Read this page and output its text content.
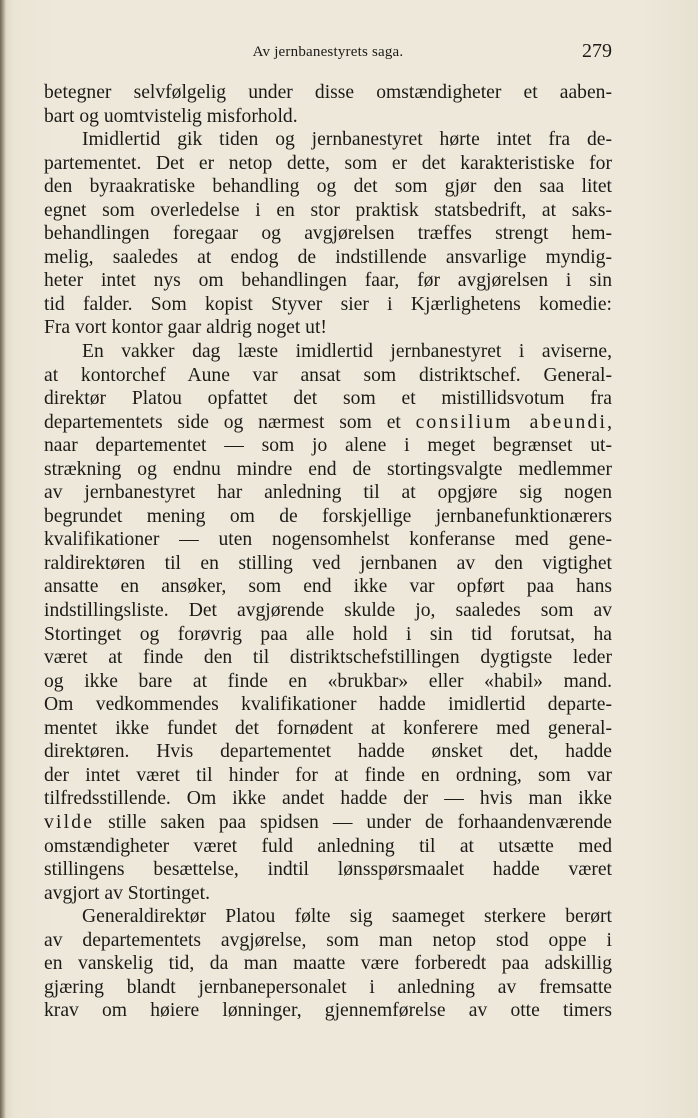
Av jernbanestyrets saga.	279
betegner selvfølgelig under disse omstændigheter et aaben-
bart og uomtvistelig misforhold.
Imidlertid gik tiden og jernbanestyret hørte intet fra de-
partementet. Det er netop dette, som er det karakteristiske for
den byraakratiske behandling og det som gjør den saa litet
egnet som overledelse i en stor praktisk statsbedrift, at saks-
behandlingen foregaar og avgjørelsen træffes strengt hem-
melig, saaledes at endog de indstillende ansvarlige myndig-
heter intet nys om behandlingen faar, før avgjørelsen i sin
tid falder. Som kopist Styver sier i Kjærlighetens komedie:
Fra vort kontor gaar aldrig noget ut!
En vakker dag læste imidlertid jernbanestyret i aviserne,
at kontorchef Aune var ansat som distriktschef. General-
direktør Platou opfattet det som et mistillidsvotum fra
departementets side og nærmest som et consilium abeundi,
naar departementet — som jo alene i meget begrænset ut-
strækning og endnu mindre end de stortingsvalgte medlemmer
av jernbanestyret har anledning til at opgjøre sig nogen
begrundet mening om de forskjellige jernbanefunktionærers
kvalifikationer — uten nogensomhelst konferanse med gene-
raldirektøren til en stilling ved jernbanen av den vigtighet
ansatte en ansøker, som end ikke var opført paa hans
indstillingsliste. Det avgjørende skulde jo, saaledes som av
Stortinget og forøvrig paa alle hold i sin tid forutsat, ha
været at finde den til distriktschefstillingen dygtigste leder
og ikke bare at finde en «brukbar» eller «habil» mand.
Om vedkommendes kvalifikationer hadde imidlertid departe-
mentet ikke fundet det fornødent at konferere med general-
direktøren. Hvis departementet hadde ønsket det, hadde
der intet været til hinder for at finde en ordning, som var
tilfredsstillende. Om ikke andet hadde der — hvis man ikke
vilde stille saken paa spidsen — under de forhaandenværende
omstændigheter været fuld anledning til at utsætte med
stillingens besættelse, indtil lønsspørsmaalet hadde været
avgjort av Stortinget.
Generaldirektør Platou følte sig saameget sterkere berørt
av departementets avgjørelse, som man netop stod oppe i
en vanskelig tid, da man maatte være forberedt paa adskillig
gjæring blandt jernbanepersonalet i anledning av fremsatte
krav om høiere lønninger, gjennemførelse av otte timers
